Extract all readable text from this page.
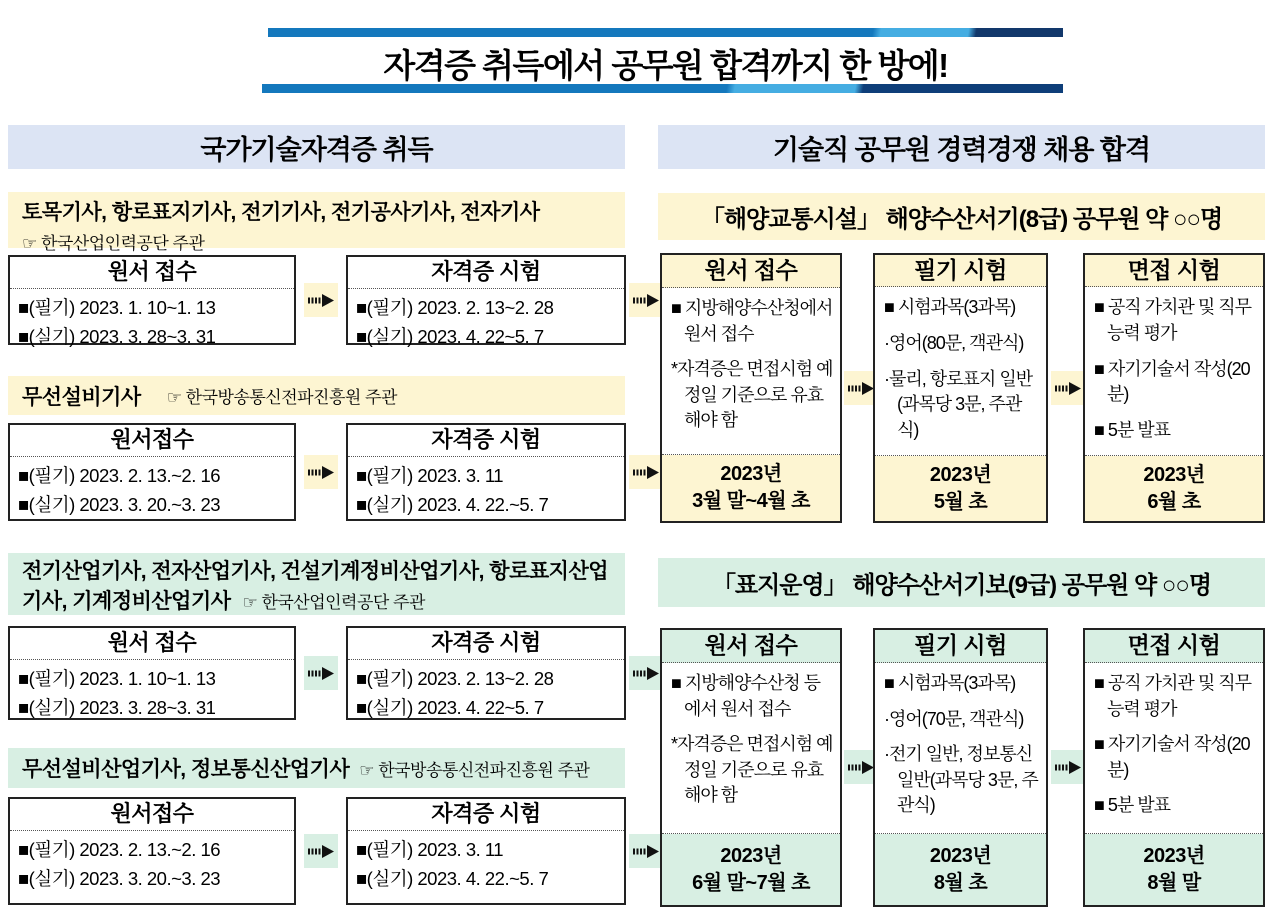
자격증 취득에서 공무원 합격까지 한 방에!
국가기술자격증 취득	기술직 공무원 경력경쟁 채용 합격
토목기사, 항로표지기사, 전기기사, 전기공사기사, 전자기사
☞ 한국산업인력공단 주관
원서 접수
■(필기) 2023. 1. 10~1. 13
■(실기) 2023. 3. 28~3. 31
자격증 시험
■(필기) 2023. 2. 13~2. 28
■(실기) 2023. 4. 22~5. 7
무선설비기사 ☞ 한국방송통신전파진흥원 주관
원서접수
■(필기) 2023. 2. 13.~2. 16
■(실기) 2023. 3. 20.~3. 23
자격증 시험
■(필기) 2023. 3. 11
■(실기) 2023. 4. 22.~5. 7
전기산업기사, 전자산업기사, 건설기계정비산업기사, 항로표지산업기사, 기계정비산업기사 ☞ 한국산업인력공단 주관
원서 접수
■(필기) 2023. 1. 10~1. 13
■(실기) 2023. 3. 28~3. 31
자격증 시험
■(필기) 2023. 2. 13~2. 28
■(실기) 2023. 4. 22~5. 7
무선설비산업기사, 정보통신산업기사 ☞ 한국방송통신전파진흥원 주관
원서접수
■(필기) 2023. 2. 13.~2. 16
■(실기) 2023. 3. 20.~3. 23
자격증 시험
■(필기) 2023. 3. 11
■(실기) 2023. 4. 22.~5. 7
「해양교통시설」 해양수산서기(8급) 공무원 약 ○○명
원서 접수

■ 지방해양수산청에서 원서 접수

*자격증은 면접시험 예정일 기준으로 유효해야 함

2023년
3월 말~4월 초
필기 시험

■ 시험과목(3과목)

·영어(80문, 객관식)

·물리, 항로표지 일반(과목당 3문, 주관식)

2023년
5월 초
면접 시험

■ 공직 가치관 및 직무능력 평가

■ 자기기술서 작성(20분)

■ 5분 발표

2023년
6월 초
「표지운영」 해양수산서기보(9급) 공무원 약 ○○명
원서 접수

■ 지방해양수산청 등에서 원서 접수

*자격증은 면접시험 예정일 기준으로 유효해야 함

2023년
6월 말~7월 초
필기 시험

■ 시험과목(3과목)

·영어(70문, 객관식)

·전기 일반, 정보통신 일반(과목당 3문, 주관식)

2023년
8월 초
면접 시험

■ 공직 가치관 및 직무능력 평가

■ 자기기술서 작성(20분)

■ 5분 발표

2023년
8월 말
